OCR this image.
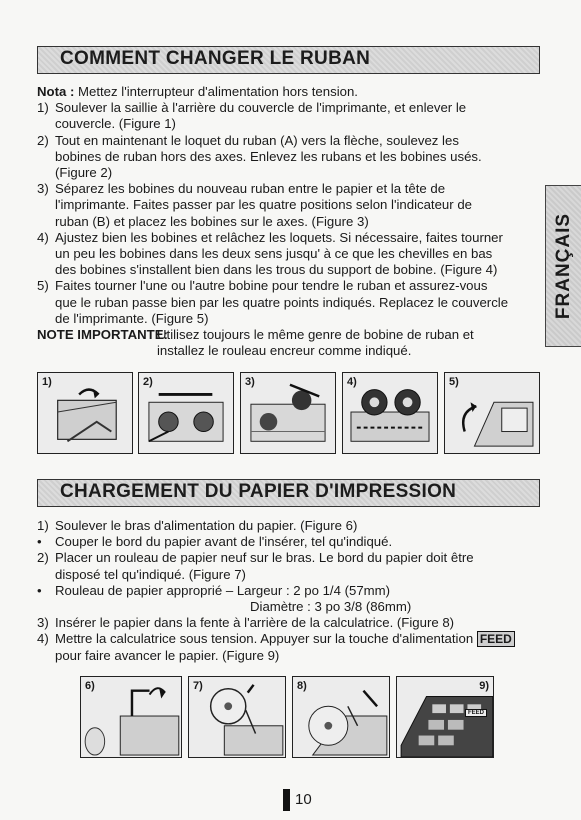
COMMENT CHANGER LE RUBAN
FRANÇAIS
Nota : Mettez l'interrupteur d'alimentation hors tension.
1) Soulever la saillie à l'arrière du couvercle de l'imprimante, et enlever le
couvercle. (Figure 1)
2) Tout en maintenant le loquet du ruban (A) vers la flèche, soulevez les
bobines de ruban hors des axes. Enlevez les rubans et les bobines usés.
(Figure 2)
3) Séparez les bobines du nouveau ruban entre le papier et la tête de
l'imprimante. Faites passer par les quatre positions selon l'indicateur de
ruban (B) et placez les bobines sur le axes. (Figure 3)
4) Ajustez bien les bobines et relâchez les loquets. Si nécessaire, faites tourner
un peu les bobines dans les deux sens jusqu' à ce que les chevilles en bas
des bobines s'installent bien dans les trous du support de bobine. (Figure 4)
5) Faites tourner l'une ou l'autre bobine pour tendre le ruban et assurez-vous
que le ruban passe bien par les quatre points indiqués. Replacez le couvercle
de l'imprimante. (Figure 5)
NOTE IMPORTANTE:
Utilisez toujours le même genre de bobine de ruban et
installez le rouleau encreur comme indiqué.
1)	2)	3)	4)	5)
CHARGEMENT DU PAPIER D'IMPRESSION
1) Soulever le bras d'alimentation du papier. (Figure 6)
• Couper le bord du papier avant de l'insérer, tel qu'indiqué.
2) Placer un rouleau de papier neuf sur le bras. Le bord du papier doit être
disposé tel qu'indiqué. (Figure 7)
• Rouleau de papier approprié – Largeur : 2 po 1/4 (57mm)
Diamètre : 3 po 3/8 (86mm)
3) Insérer le papier dans la fente à l'arrière de la calculatrice. (Figure 8)
4) Mettre la calculatrice sous tension. Appuyer sur la touche d'alimentation FEED
pour faire avancer le papier. (Figure 9)
6)	7)	8)	9)
FEED
10
